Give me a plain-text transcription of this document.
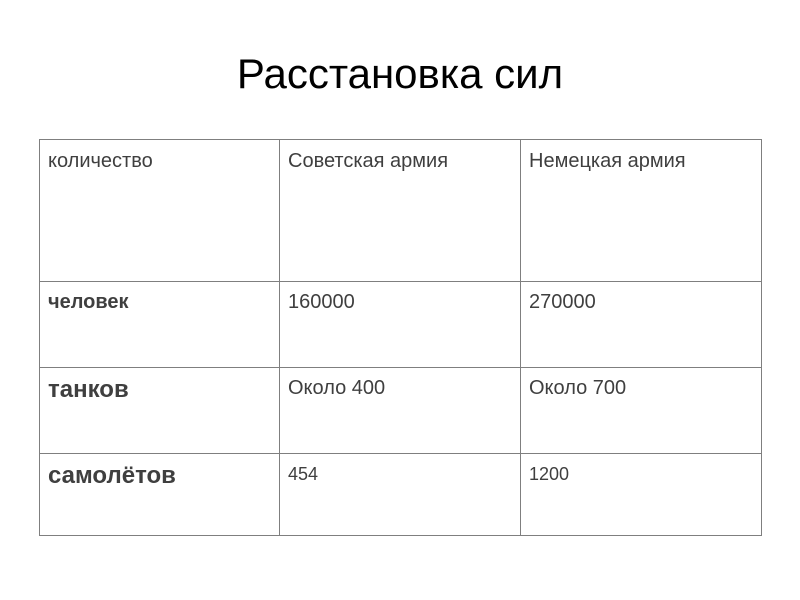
Расстановка сил
количество	Советская армия	Немецкая армия
человек	160000	270000
танков	Около 400	Около 700
самолётов	454	1200
